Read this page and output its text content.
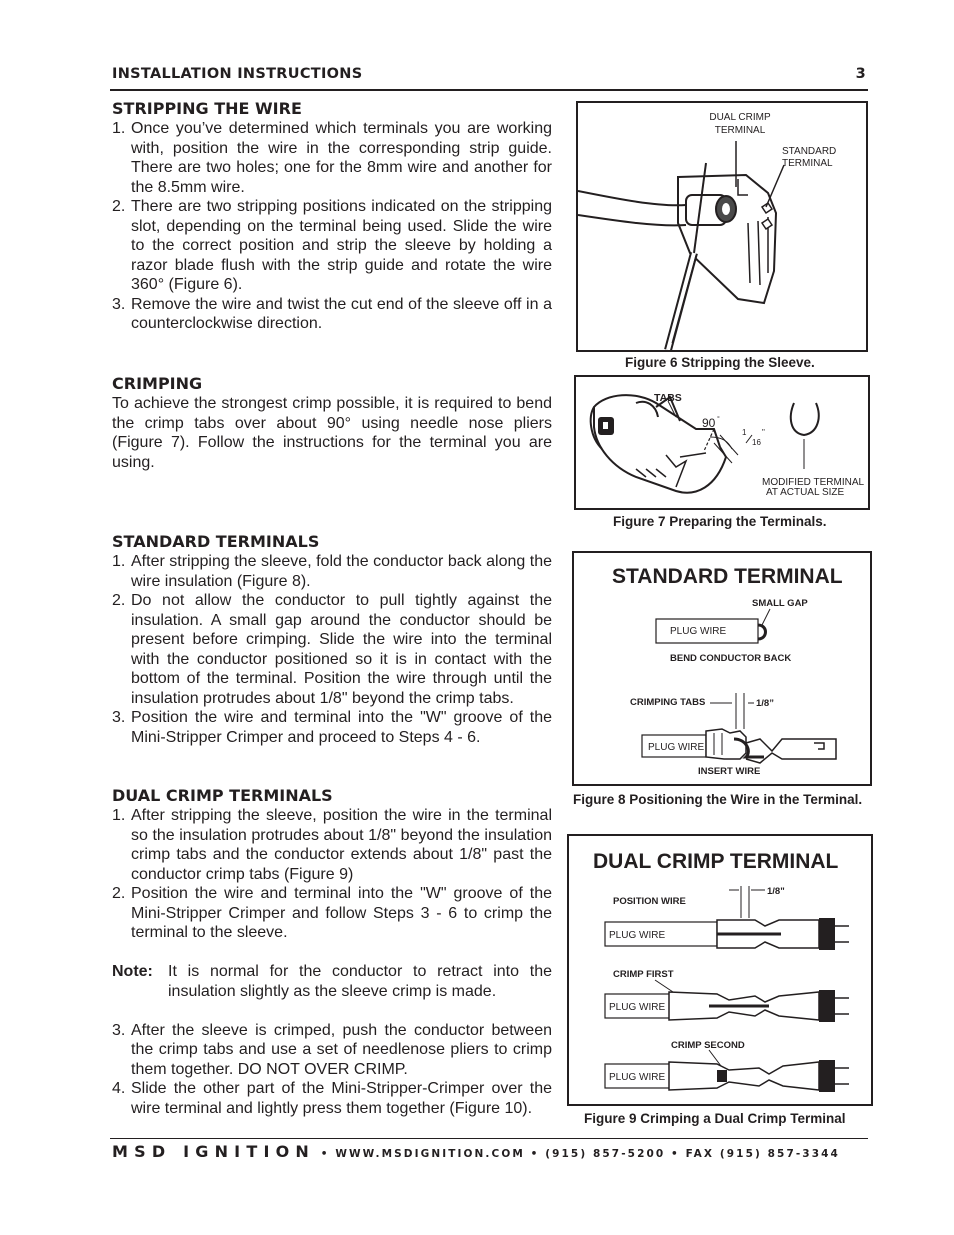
INSTALLATION INSTRUCTIONS	3
STRIPPING THE WIRE
1. Once you’ve determined which terminals you are working with, position the wire in the corresponding strip guide. There are two holes; one for the 8mm wire and another for the 8.5mm wire.
2. There are two stripping positions indicated on the stripping slot, depending on the terminal being used. Slide the wire to the correct position and strip the sleeve by holding a razor blade flush with the strip guide and rotate the wire 360° (Figure 6).
3. Remove the wire and twist the cut end of the sleeve off in a counterclockwise direction.
CRIMPING

To achieve the strongest crimp possible, it is required to bend the crimp tabs over about 90° using needle nose pliers (Figure 7). Follow the instructions for the terminal you are using.

STANDARD TERMINALS
1. After stripping the sleeve, fold the conductor back along the wire insulation (Figure 8).
2. Do not allow the conductor to pull tightly against the insulation. A small gap around the conductor should be present before crimping. Slide the wire into the terminal with the conductor positioned so it is in contact with the bottom of the terminal. Position the wire through until the insulation protrudes about 1/8" beyond the crimp tabs.
3. Position the wire and terminal into the "W" groove of the Mini-Stripper Crimper and proceed to Steps 4 - 6.
DUAL CRIMP TERMINALS
1. After stripping the sleeve, position the wire in the terminal so the insulation protrudes about 1/8" beyond the insulation crimp tabs and the conductor extends about 1/8" past the conductor crimp tabs (Figure 9)
2. Position the wire and terminal into the "W" groove of the Mini-Stripper Crimper and follow Steps 3 - 6 to crimp the terminal to the sleeve.
Note: It is normal for the conductor to retract into the insulation slightly as the sleeve crimp is made.
3. After the sleeve is crimped, push the conductor between the crimp tabs and use a set of needlenose pliers to crimp them together. DO NOT OVER CRIMP.
4. Slide the other part of the Mini-Stripper-Crimper over the wire terminal and lightly press them together (Figure 10).
DUAL CRIMP
TERMINAL
STANDARD
TERMINAL
Figure 6 Stripping the Sleeve.
TABS
90 °
1
16
"
MODIFIED TERMINAL
AT ACTUAL SIZE
Figure 7 Preparing the Terminals.
STANDARD TERMINAL
SMALL GAP
PLUG WIRE
BEND CONDUCTOR BACK
CRIMPING TABS	1/8”
PLUG WIRE
INSERT WIRE
Figure 8 Positioning the Wire in the Terminal.
DUAL CRIMP TERMINAL
POSITION WIRE
1/8"
PLUG WIRE
CRIMP FIRST
PLUG WIRE
CRIMP SECOND
PLUG WIRE
Figure 9 Crimping a Dual Crimp Terminal
MSD IGNITION • WWW.MSDIGNITION.COM • (915) 857-5200 • FAX (915) 857-3344
